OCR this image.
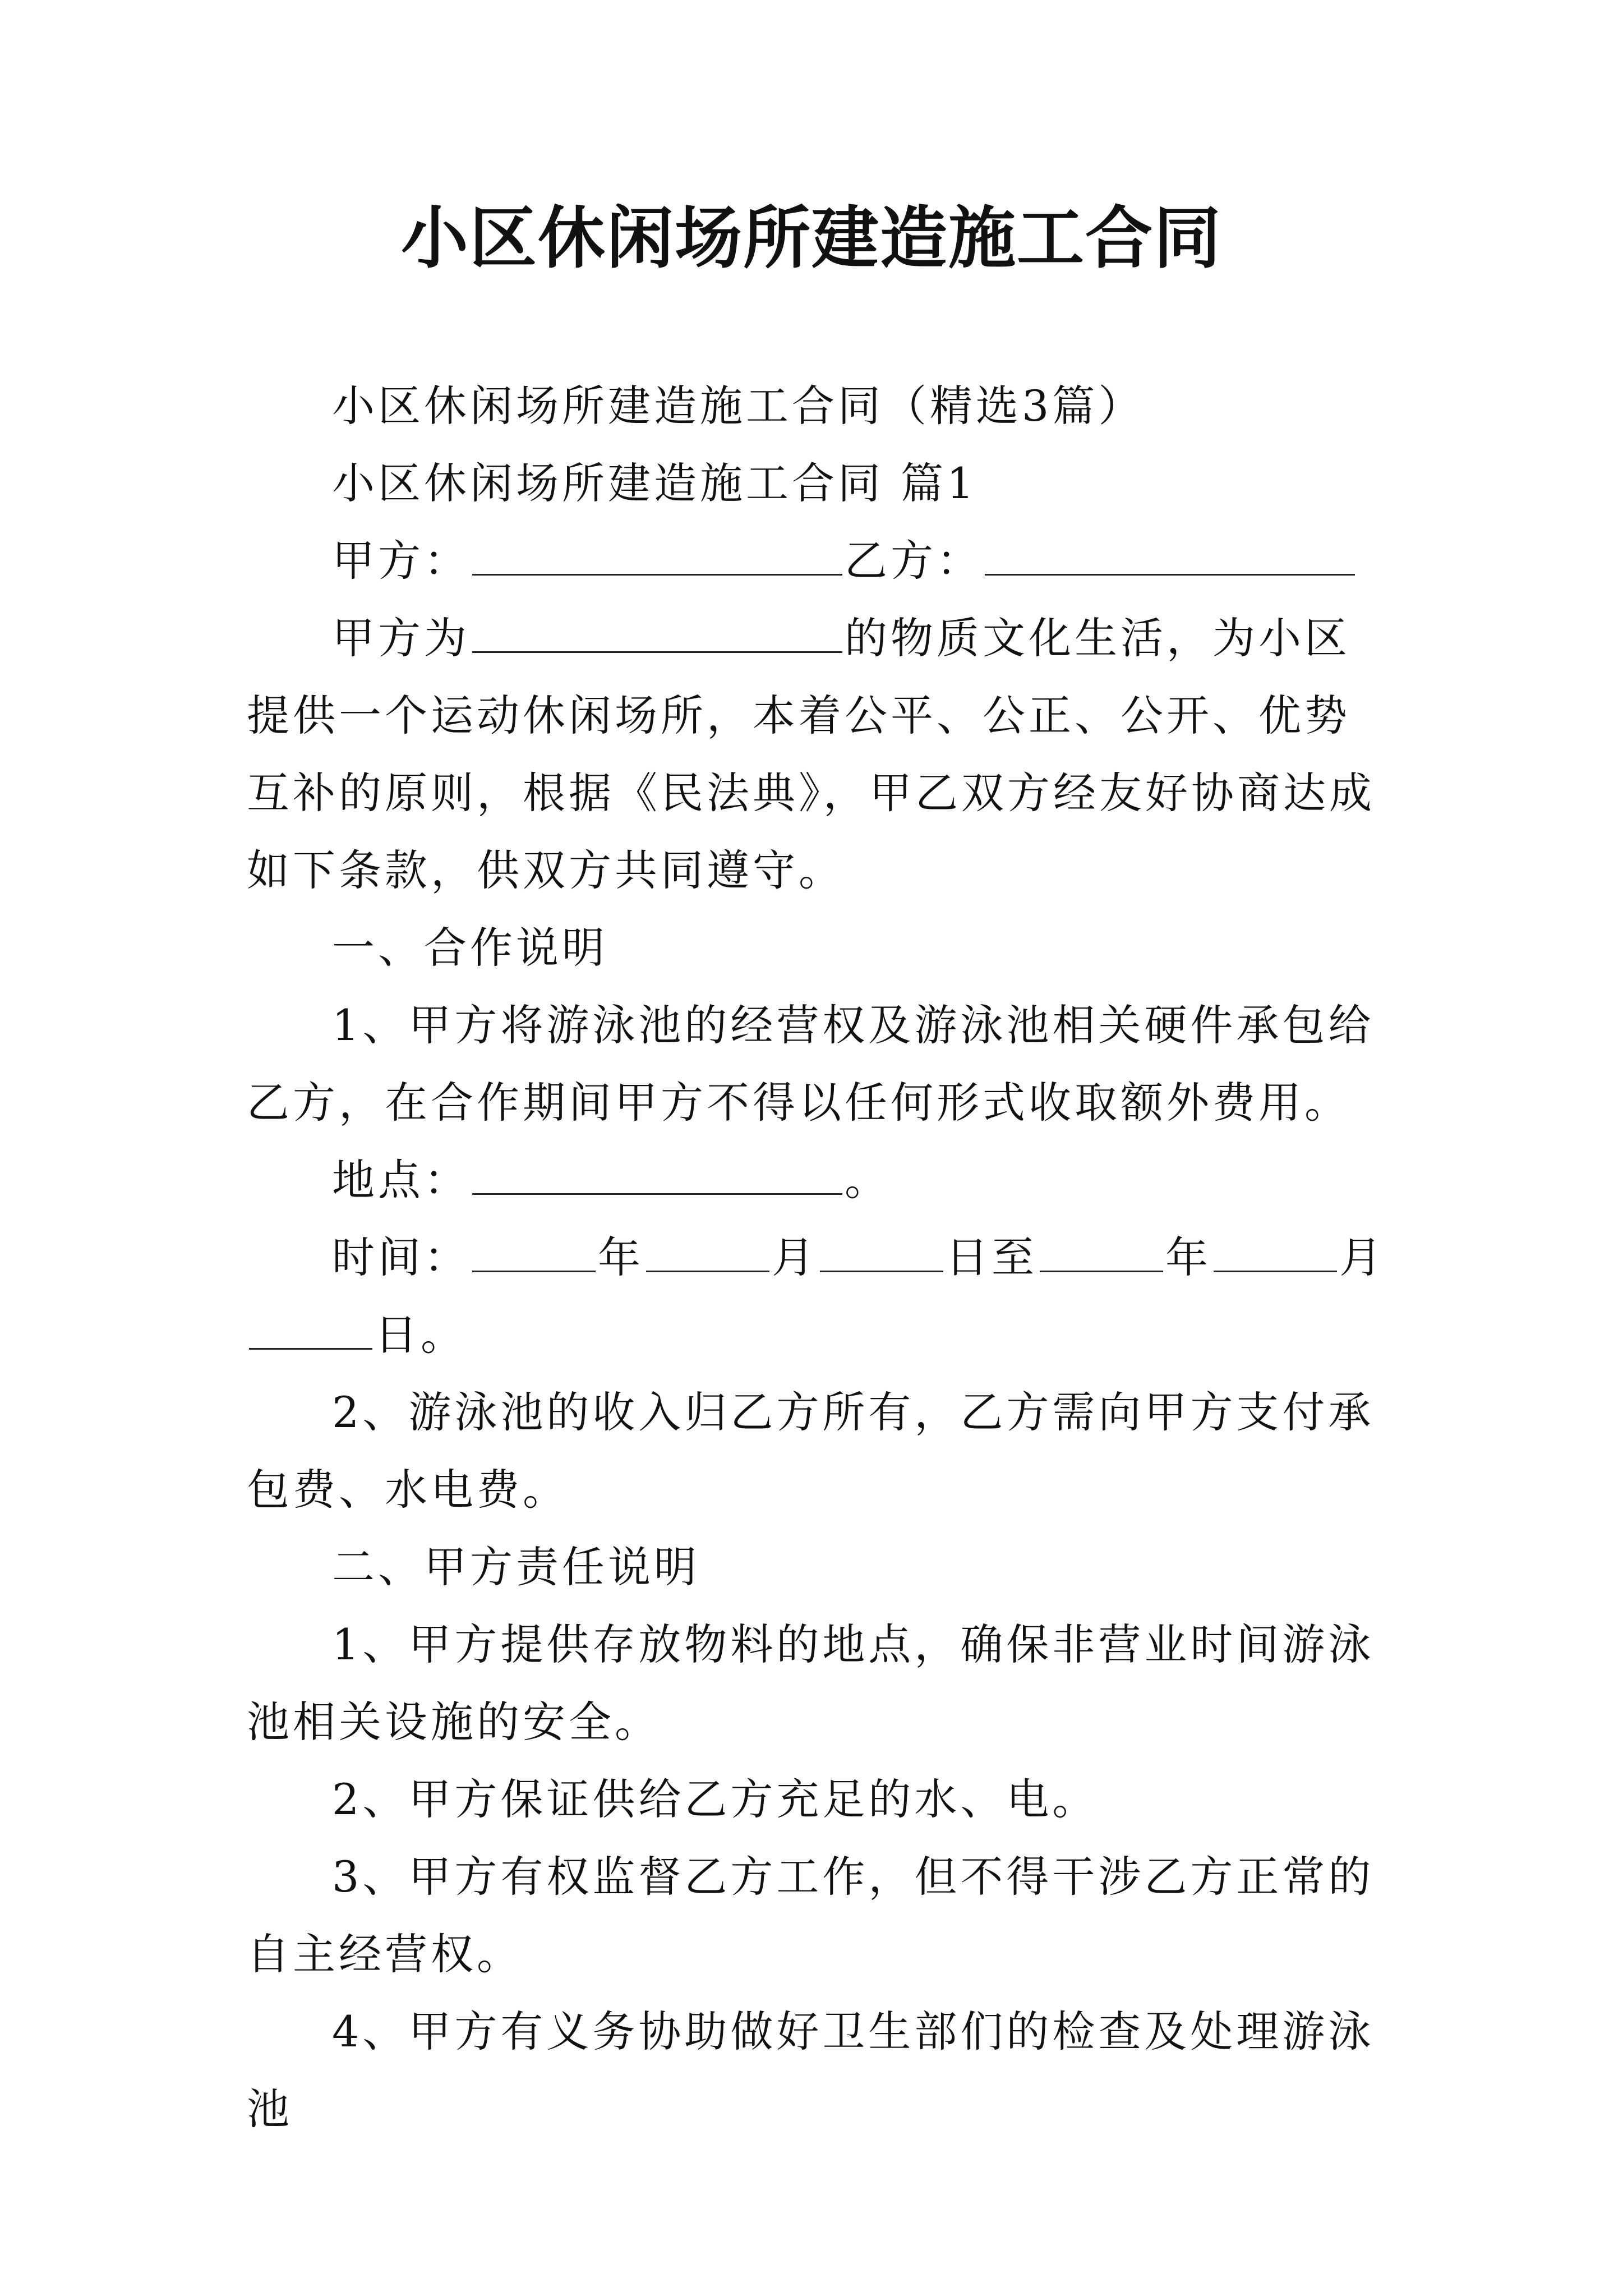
小区休闲场所建造施工合同

小区休闲场所建造施工合同（精选3篇）

小区休闲场所建造施工合同 篇1

甲方：	乙方：

甲方为	的物质文化生活，为小区提供一个运动休闲场所，本着公平、公正、公开、优势互补的原则，根据《民法典》，甲乙双方经友好协商达成如下条款，供双方共同遵守。

一、合作说明

1、甲方将游泳池的经营权及游泳池相关硬件承包给乙方，在合作期间甲方不得以任何形式收取额外费用。

地点：	。

时间：	年	月	日至	年	月日。

2、游泳池的收入归乙方所有，乙方需向甲方支付承包费、水电费。

二、甲方责任说明

1、甲方提供存放物料的地点，确保非营业时间游泳池相关设施的安全。

2、甲方保证供给乙方充足的水、电。

3、甲方有权监督乙方工作，但不得干涉乙方正常的自主经营权。

4、甲方有义务协助做好卫生部们的检查及处理游泳池
